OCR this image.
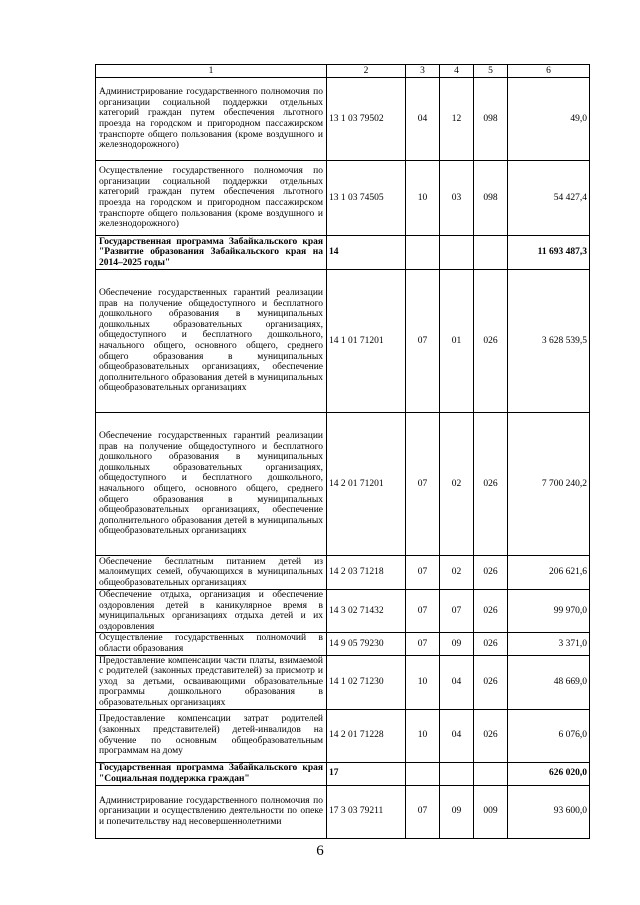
1	2	3	4	5	6
Администрирование государственного полномочия по организации социальной поддержки отдельных категорий граждан путем обеспечения льготного проезда на городском и пригородном пассажирском транспорте общего пользования (кроме воздушного и железнодорожного)	13 1 03 79502	04	12	098	49,0
Осуществление государственного полномочия по организации социальной поддержки отдельных категорий граждан путем обеспечения льготного проезда на городском и пригородном пассажирском транспорте общего пользования (кроме воздушного и железнодорожного)	13 1 03 74505	10	03	098	54 427,4
Государственная программа Забайкальского края "Развитие образования Забайкальского края на 2014–2025 годы"	14				11 693 487,3
Обеспечение государственных гарантий реализации прав на получение общедоступного и бесплатного дошкольного образования в муниципальных дошкольных образовательных организациях, общедоступного и бесплатного дошкольного, начального общего, основного общего, среднего общего образования в муниципальных общеобразовательных организациях, обеспечение дополнительного образования детей в муниципальных общеобразовательных организациях	14 1 01 71201	07	01	026	3 628 539,5
Обеспечение государственных гарантий реализации прав на получение общедоступного и бесплатного дошкольного образования в муниципальных дошкольных образовательных организациях, общедоступного и бесплатного дошкольного, начального общего, основного общего, среднего общего образования в муниципальных общеобразовательных организациях, обеспечение дополнительного образования детей в муниципальных общеобразовательных организациях	14 2 01 71201	07	02	026	7 700 240,2
Обеспечение бесплатным питанием детей из малоимущих семей, обучающихся в муниципальных общеобразовательных организациях	14 2 03 71218	07	02	026	206 621,6
Обеспечение отдыха, организация и обеспечение оздоровления детей в каникулярное время в муниципальных организациях отдыха детей и их оздоровления	14 3 02 71432	07	07	026	99 970,0
Осуществление государственных полномочий в области образования	14 9 05 79230	07	09	026	3 371,0
Предоставление компенсации части платы, взимаемой с родителей (законных представителей) за присмотр и уход за детьми, осваивающими образовательные программы дошкольного образования в образовательных организациях	14 1 02 71230	10	04	026	48 669,0
Предоставление компенсации затрат родителей (законных представителей) детей-инвалидов на обучение по основным общеобразовательным программам на дому	14 2 01 71228	10	04	026	6 076,0
Государственная программа Забайкальского края "Социальная поддержка граждан"	17				626 020,0
Администрирование государственного полномочия по организации и осуществлению деятельности по опеке и попечительству над несовершеннолетними	17 3 03 79211	07	09	009	93 600,0
6
